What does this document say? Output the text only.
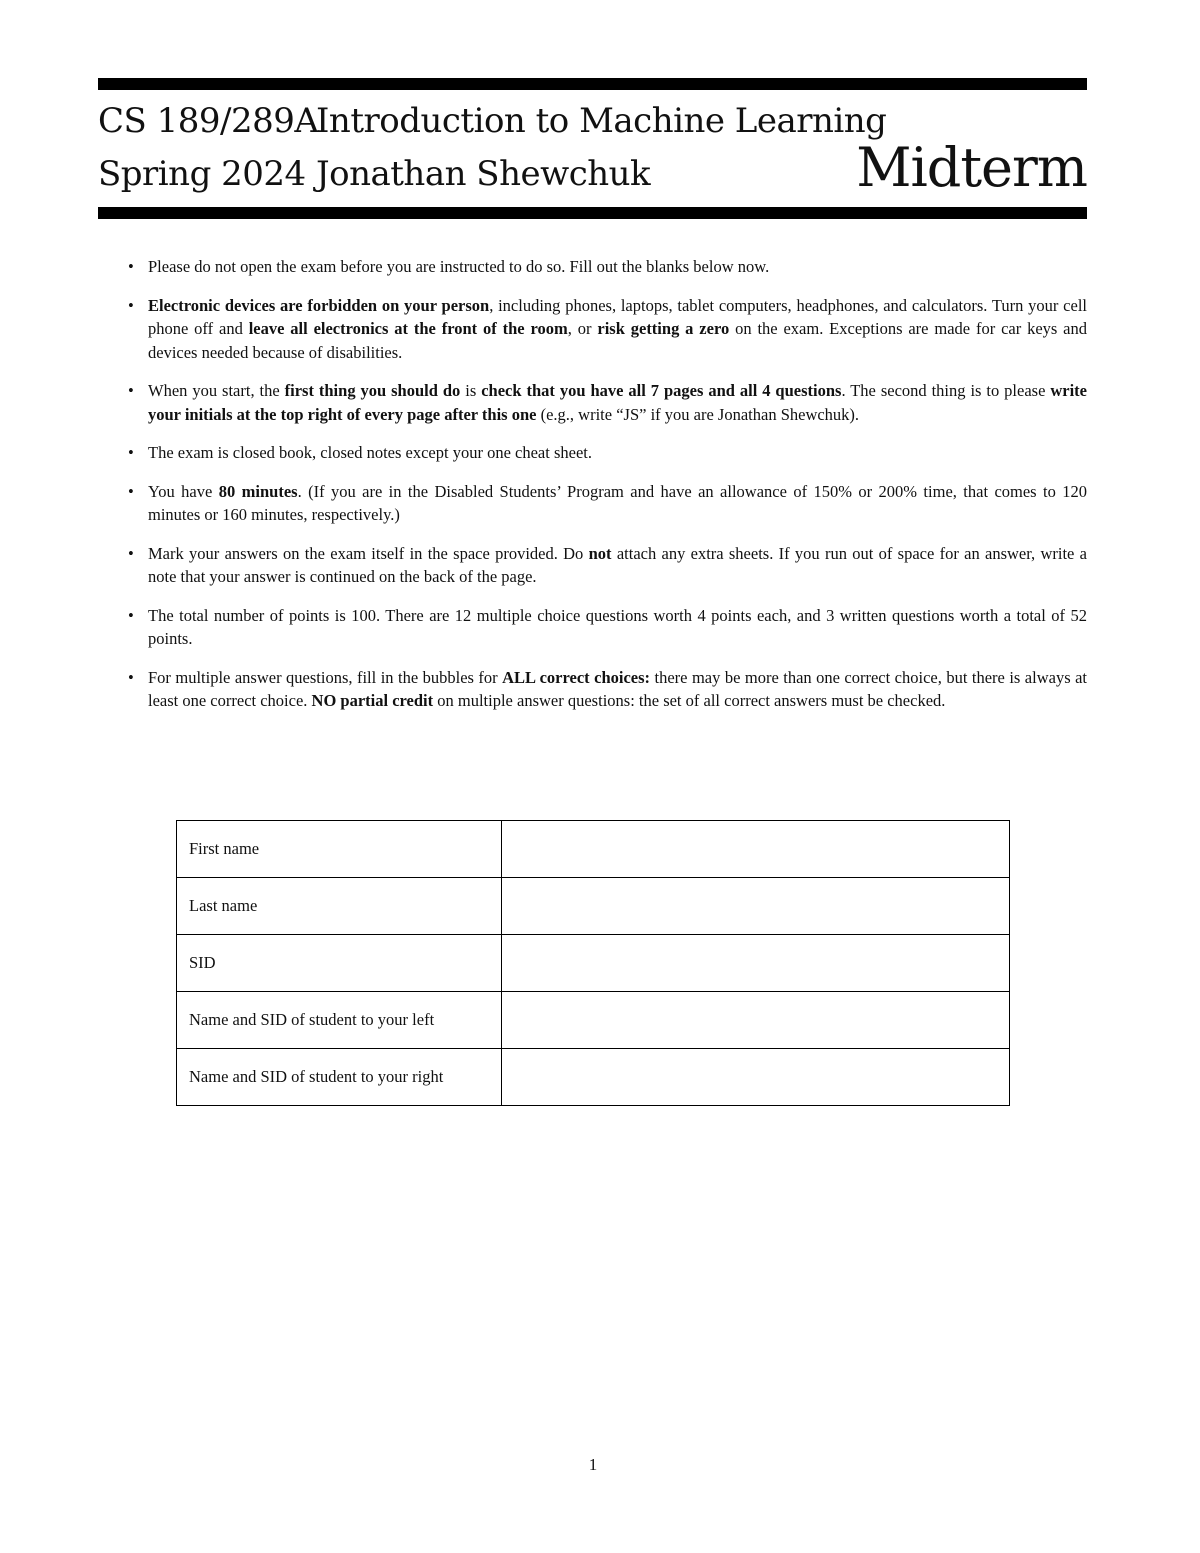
CS 189/289A
Spring 2024
Introduction to Machine Learning
Jonathan Shewchuk	Midterm
• Please do not open the exam before you are instructed to do so. Fill out the blanks below now.
• Electronic devices are forbidden on your person, including phones, laptops, tablet computers, headphones, and calculators. Turn your cell phone off and leave all electronics at the front of the room, or risk getting a zero on the exam. Exceptions are made for car keys and devices needed because of disabilities.
• When you start, the first thing you should do is check that you have all 7 pages and all 4 questions. The second thing is to please write your initials at the top right of every page after this one (e.g., write “JS” if you are Jonathan Shewchuk).
• The exam is closed book, closed notes except your one cheat sheet.
• You have 80 minutes. (If you are in the Disabled Students’ Program and have an allowance of 150% or 200% time, that comes to 120 minutes or 160 minutes, respectively.)
• Mark your answers on the exam itself in the space provided. Do not attach any extra sheets. If you run out of space for an answer, write a note that your answer is continued on the back of the page.
• The total number of points is 100. There are 12 multiple choice questions worth 4 points each, and 3 written questions worth a total of 52 points.
• For multiple answer questions, fill in the bubbles for ALL correct choices: there may be more than one correct choice, but there is always at least one correct choice. NO partial credit on multiple answer questions: the set of all correct answers must be checked.
First name	
Last name	
SID	
Name and SID of student to your left	
Name and SID of student to your right	
1
